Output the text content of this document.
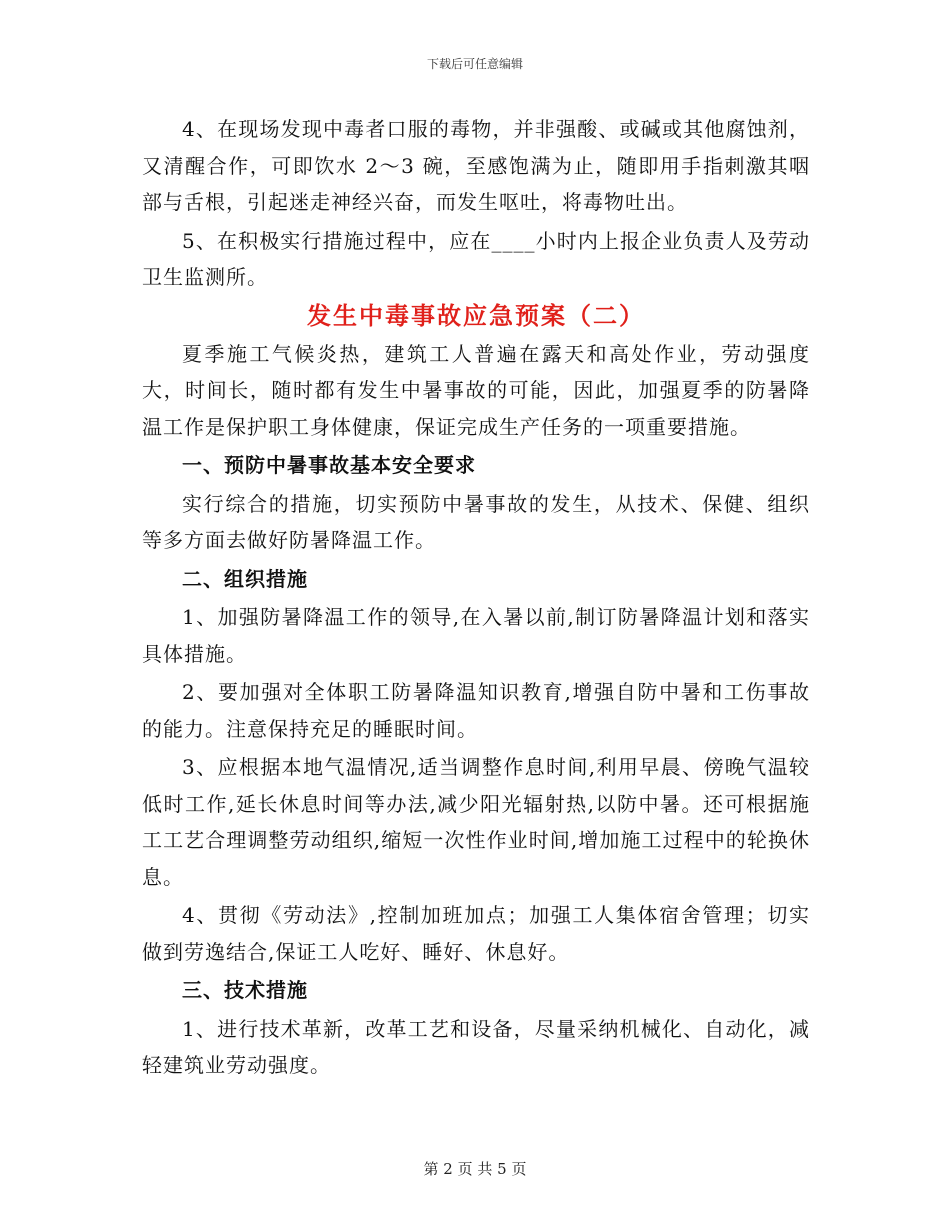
下载后可任意编辑

4、在现场发现中毒者口服的毒物，并非强酸、或碱或其他腐蚀剂，又清醒合作，可即饮水 2～3 碗，至感饱满为止，随即用手指刺激其咽部与舌根，引起迷走神经兴奋，而发生呕吐，将毒物吐出。

5、在积极实行措施过程中，应在____小时内上报企业负责人及劳动卫生监测所。

发生中毒事故应急预案（二）

夏季施工气候炎热，建筑工人普遍在露天和高处作业，劳动强度大，时间长，随时都有发生中暑事故的可能，因此，加强夏季的防暑降温工作是保护职工身体健康，保证完成生产任务的一项重要措施。

一、预防中暑事故基本安全要求

实行综合的措施，切实预防中暑事故的发生，从技术、保健、组织等多方面去做好防暑降温工作。

二、组织措施

1、加强防暑降温工作的领导,在入暑以前,制订防暑降温计划和落实具体措施。

2、要加强对全体职工防暑降温知识教育,增强自防中暑和工伤事故的能力。注意保持充足的睡眠时间。

3、应根据本地气温情况,适当调整作息时间,利用早晨、傍晚气温较低时工作,延长休息时间等办法,减少阳光辐射热,以防中暑。还可根据施工工艺合理调整劳动组织,缩短一次性作业时间,增加施工过程中的轮换休息。

4、贯彻《劳动法》,控制加班加点；加强工人集体宿舍管理；切实做到劳逸结合,保证工人吃好、睡好、休息好。

三、技术措施

1、进行技术革新，改革工艺和设备，尽量采纳机械化、自动化，减轻建筑业劳动强度。

第 2 页 共 5 页
